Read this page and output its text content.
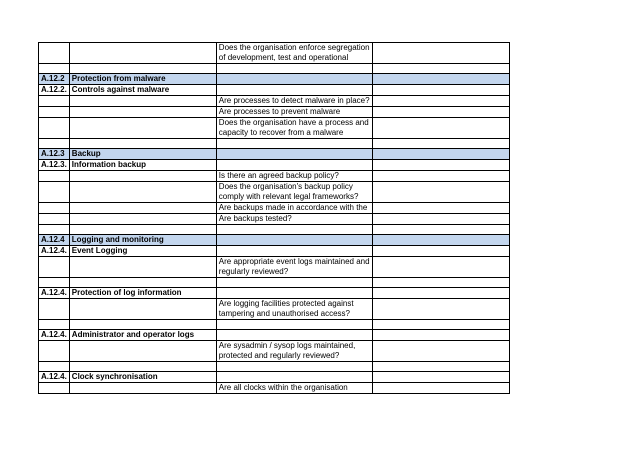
		Does the organisation enforce segregation of development, test and operational	

A.12.2	Protection from malware		
A.12.2.	Controls against malware		
		Are processes to detect malware in place?	
		Are processes to prevent malware	
		Does the organisation have a process and capacity to recover from a malware	

A.12.3	Backup		
A.12.3.	Information backup		
		Is there an agreed backup policy?	
		Does the organisation's backup policy comply with relevant legal frameworks?	
		Are backups made in accordance with the	
		Are backups tested?	

A.12.4	Logging and monitoring		
A.12.4.	Event Logging		
		Are appropriate event logs maintained and regularly reviewed?	

A.12.4.	Protection of log information		
		Are logging facilities protected against tampering and unauthorised access?	

A.12.4.	Administrator and operator logs		
		Are sysadmin / sysop logs maintained, protected and regularly reviewed?	

A.12.4.	Clock synchronisation		
		Are all clocks within the organisation	
